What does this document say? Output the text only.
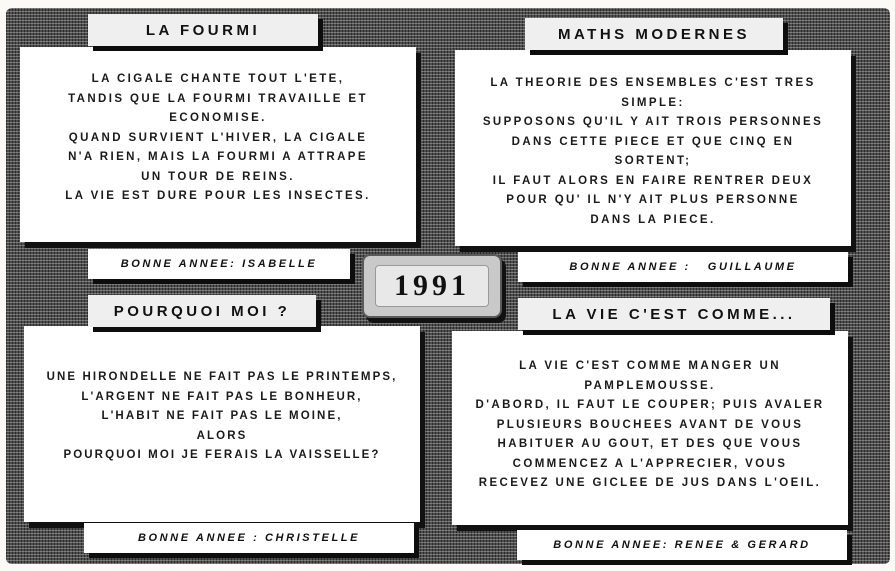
LA CIGALE CHANTE TOUT L'ETE,
TANDIS QUE LA FOURMI TRAVAILLE ET
ECONOMISE.
QUAND SURVIENT L'HIVER, LA CIGALE
N'A RIEN, MAIS LA FOURMI A ATTRAPE
UN TOUR DE REINS.
LA VIE EST DURE POUR LES INSECTES.
LA FOURMI
BONNE ANNEE: ISABELLE
LA THEORIE DES ENSEMBLES C'EST TRES
SIMPLE:
SUPPOSONS QU'IL Y AIT TROIS PERSONNES
DANS CETTE PIECE ET QUE CINQ EN
SORTENT;
IL FAUT ALORS EN FAIRE RENTRER DEUX
POUR QU' IL N'Y AIT PLUS PERSONNE
DANS LA PIECE.
MATHS MODERNES
BONNE ANNEE :   GUILLAUME
1991
UNE HIRONDELLE NE FAIT PAS LE PRINTEMPS,
L'ARGENT NE FAIT PAS LE BONHEUR,
L'HABIT NE FAIT PAS LE MOINE,
ALORS
POURQUOI MOI JE FERAIS LA VAISSELLE?
POURQUOI MOI ?
BONNE ANNEE : CHRISTELLE
LA VIE C'EST COMME MANGER UN
PAMPLEMOUSSE.
D'ABORD, IL FAUT LE COUPER; PUIS AVALER
PLUSIEURS BOUCHEES AVANT DE VOUS
HABITUER AU GOUT, ET DES QUE VOUS
COMMENCEZ A L'APPRECIER, VOUS
RECEVEZ UNE GICLEE DE JUS DANS L'OEIL.
LA VIE C'EST COMME...
BONNE ANNEE: RENEE & GERARD
